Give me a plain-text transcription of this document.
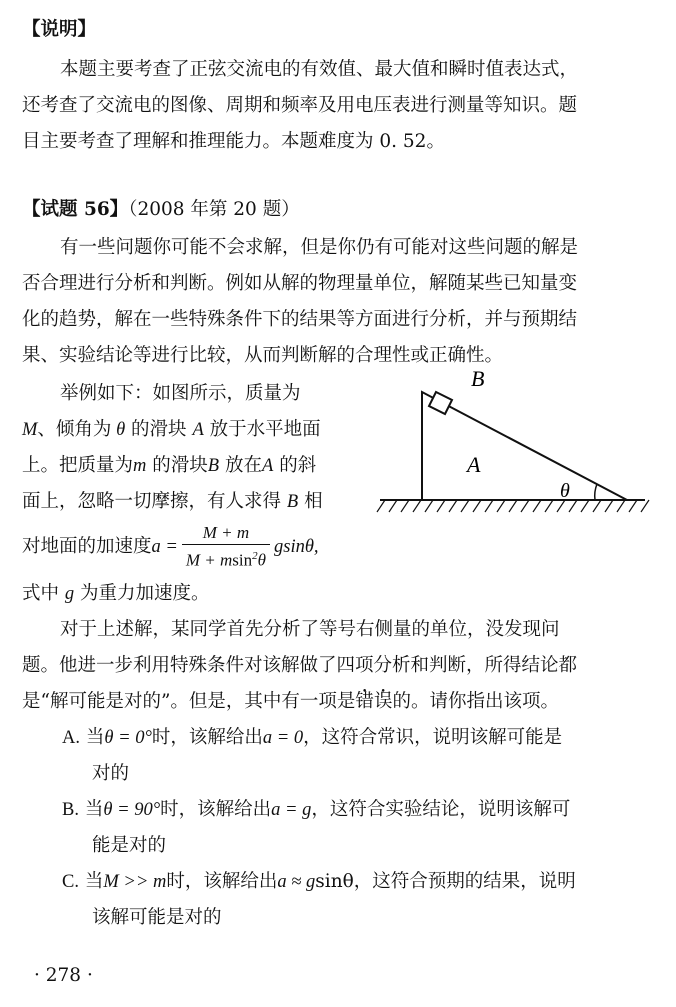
【说明】
本题主要考查了正弦交流电的有效值、最大值和瞬时值表达式，
还考查了交流电的图像、周期和频率及用电压表进行测量等知识。题
目主要考查了理解和推理能力。本题难度为 0. 52。
【试题 56】（2008 年第 20 题）
有一些问题你可能不会求解，但是你仍有可能对这些问题的解是
否合理进行分析和判断。例如从解的物理量单位，解随某些已知量变
化的趋势，解在一些特殊条件下的结果等方面进行分析，并与预期结
果、实验结论等进行比较，从而判断解的合理性或正确性。
举例如下：如图所示，质量为
M、倾角为 θ 的滑块 A 放于水平地面
上。把质量为m 的滑块B 放在A 的斜
面上，忽略一切摩擦，有人求得 B 相
对地面的加速度$a = \frac{M + m}{M + msin^2\theta} gsin\theta$,
式中 g 为重力加速度。
B
A
θ
对于上述解，某同学首先分析了等号右侧量的单位，没发现问
题。他进一步利用特殊条件对该解做了四项分析和判断，所得结论都
是“解可能是对的”。但是，其中有一项是错误的。请你指出该项。
A. 当θ = 0°时，该解给出a = 0，这符合常识，说明该解可能是
对的
B. 当θ = 90°时，该解给出a = g，这符合实验结论，说明该解可
能是对的
C. 当M >> m时，该解给出a ≈ gsinθ，这符合预期的结果，说明
该解可能是对的
· 278 ·
